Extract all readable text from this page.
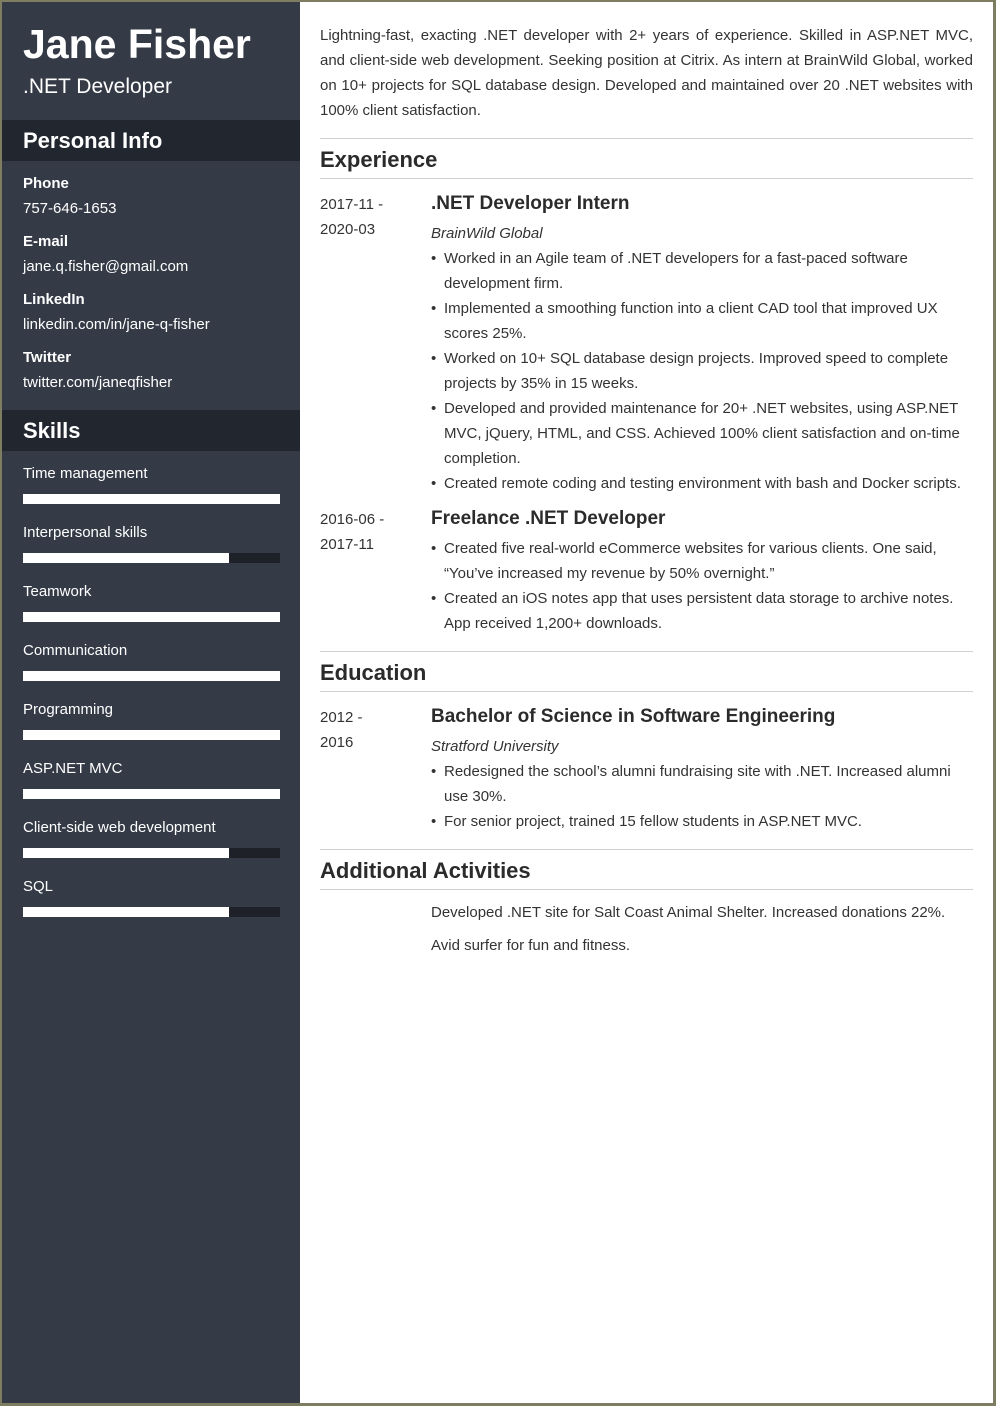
Jane Fisher
.NET Developer
Personal Info
Phone
757-646-1653
E-mail
jane.q.fisher@gmail.com
LinkedIn
linkedin.com/in/jane-q-fisher
Twitter
twitter.com/janeqfisher
Skills
Time management
Interpersonal skills
Teamwork
Communication
Programming
ASP.NET MVC
Client-side web development
SQL

Lightning-fast, exacting .NET developer with 2+ years of experience. Skilled in ASP.NET MVC, and client-side web development. Seeking position at Citrix. As intern at BrainWild Global, worked on 10+ projects for SQL database design. Developed and maintained over 20 .NET websites with 100% client satisfaction.

Experience
2017-11 -
2020-03
.NET Developer Intern
BrainWild Global
• Worked in an Agile team of .NET developers for a fast-paced software development firm.
• Implemented a smoothing function into a client CAD tool that improved UX scores 25%.
• Worked on 10+ SQL database design projects. Improved speed to complete projects by 35% in 15 weeks.
• Developed and provided maintenance for 20+ .NET websites, using ASP.NET MVC, jQuery, HTML, and CSS. Achieved 100% client satisfaction and on-time completion.
• Created remote coding and testing environment with bash and Docker scripts.
2016-06 -
2017-11
Freelance .NET Developer
• Created five real-world eCommerce websites for various clients. One said, “You’ve increased my revenue by 50% overnight.”
• Created an iOS notes app that uses persistent data storage to archive notes. App received 1,200+ downloads.
Education
2012 -
2016
Bachelor of Science in Software Engineering
Stratford University
• Redesigned the school’s alumni fundraising site with .NET. Increased alumni use 30%.
• For senior project, trained 15 fellow students in ASP.NET MVC.
Additional Activities
Developed .NET site for Salt Coast Animal Shelter. Increased donations 22%.
Avid surfer for fun and fitness.
